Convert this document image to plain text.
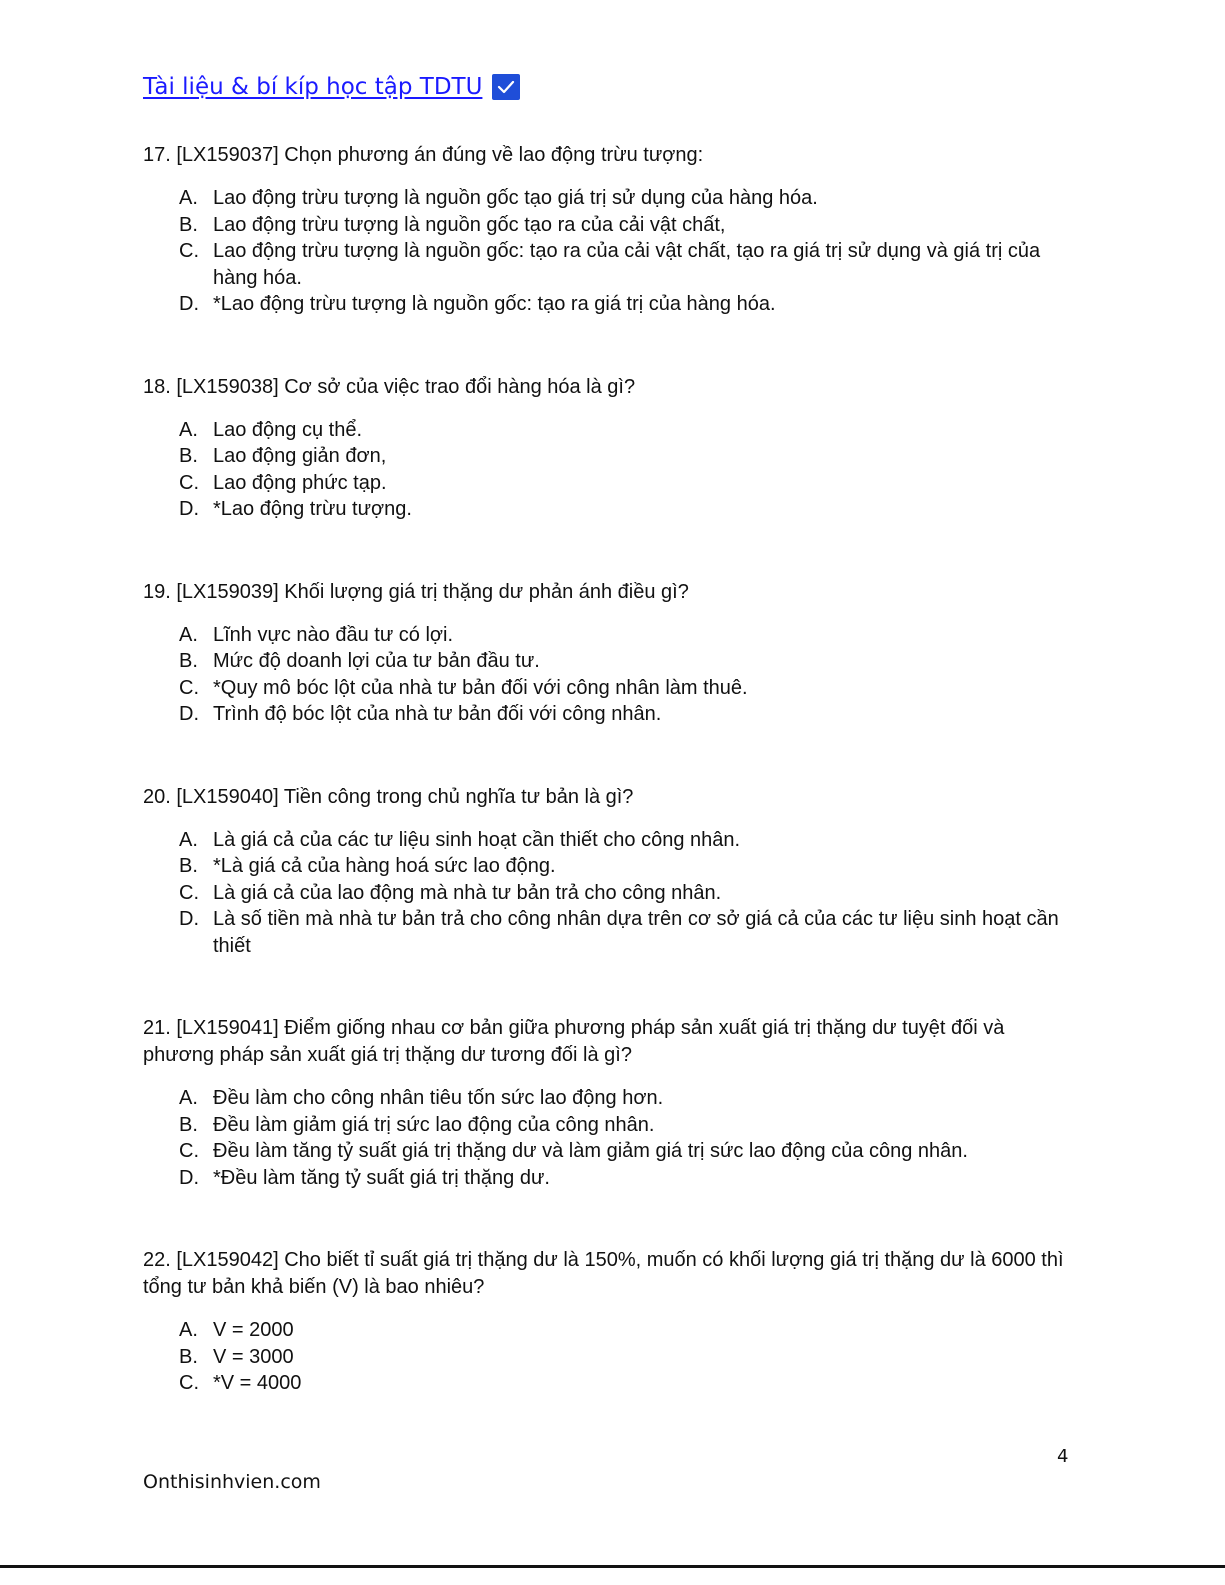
Tài liệu & bí kíp học tập TDTU

17. [LX159037] Chọn phương án đúng về lao động trừu tượng:

A. Lao động trừu tượng là nguồn gốc tạo giá trị sử dụng của hàng hóa.
B. Lao động trừu tượng là nguồn gốc tạo ra của cải vật chất,
C. Lao động trừu tượng là nguồn gốc: tạo ra của cải vật chất, tạo ra giá trị sử dụng và giá trị của hàng hóa.
D. *Lao động trừu tượng là nguồn gốc: tạo ra giá trị của hàng hóa.

18. [LX159038] Cơ sở của việc trao đổi hàng hóa là gì?

A. Lao động cụ thể.
B. Lao động giản đơn,
C. Lao động phức tạp.
D. *Lao động trừu tượng.

19. [LX159039] Khối lượng giá trị thặng dư phản ánh điều gì?

A. Lĩnh vực nào đầu tư có lợi.
B. Mức độ doanh lợi của tư bản đầu tư.
C. *Quy mô bóc lột của nhà tư bản đối với công nhân làm thuê.
D. Trình độ bóc lột của nhà tư bản đối với công nhân.

20. [LX159040] Tiền công trong chủ nghĩa tư bản là gì?

A. Là giá cả của các tư liệu sinh hoạt cần thiết cho công nhân.
B. *Là giá cả của hàng hoá sức lao động.
C. Là giá cả của lao động mà nhà tư bản trả cho công nhân.
D. Là số tiền mà nhà tư bản trả cho công nhân dựa trên cơ sở giá cả của các tư liệu sinh hoạt cần thiết

21. [LX159041] Điểm giống nhau cơ bản giữa phương pháp sản xuất giá trị thặng dư tuyệt đối và phương pháp sản xuất giá trị thặng dư tương đối là gì?

A. Đều làm cho công nhân tiêu tốn sức lao động hơn.
B. Đều làm giảm giá trị sức lao động của công nhân.
C. Đều làm tăng tỷ suất giá trị thặng dư và làm giảm giá trị sức lao động của công nhân.
D. *Đều làm tăng tỷ suất giá trị thặng dư.

22. [LX159042] Cho biết tỉ suất giá trị thặng dư là 150%, muốn có khối lượng giá trị thặng dư là 6000 thì tổng tư bản khả biến (V) là bao nhiêu?

A. V = 2000
B. V = 3000
C. *V = 4000
4
Onthisinhvien.com
